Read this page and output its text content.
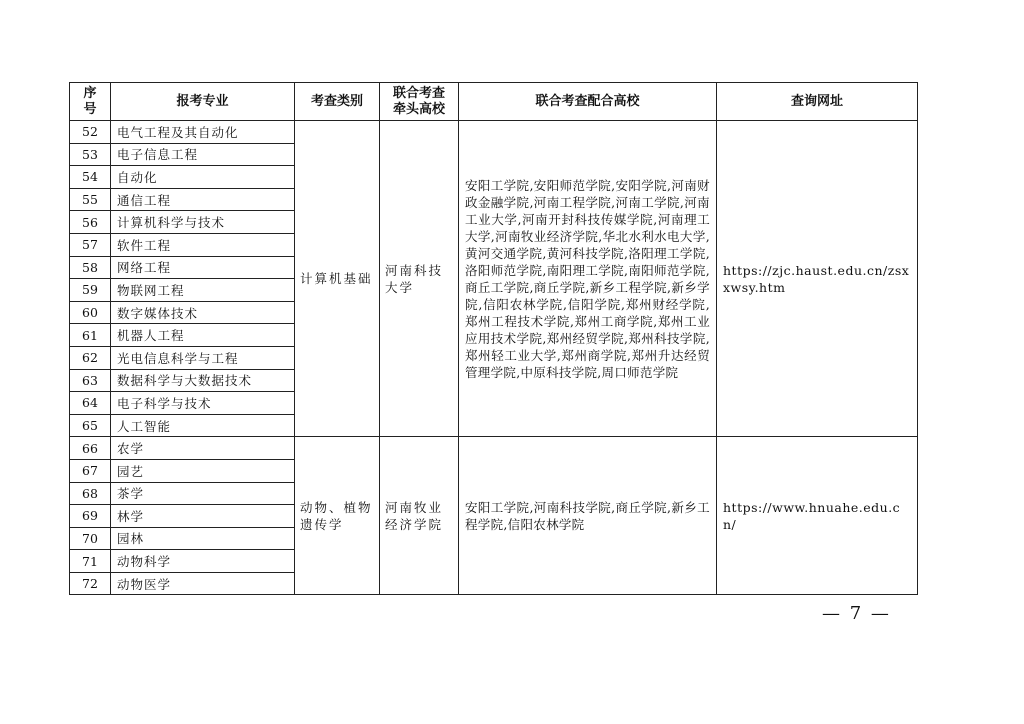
序号	报考专业	考查类别	联合考查牵头高校	联合考查配合高校	查询网址
52	电气工程及其自动化	计算机基础	河南科技大学	安阳工学院,安阳师范学院,安阳学院,河南财政金融学院,河南工程学院,河南工学院,河南工业大学,河南开封科技传媒学院,河南理工大学,河南牧业经济学院,华北水利水电大学,黄河交通学院,黄河科技学院,洛阳理工学院,洛阳师范学院,南阳理工学院,南阳师范学院,商丘工学院,商丘学院,新乡工程学院,新乡学院,信阳农林学院,信阳学院,郑州财经学院,郑州工程技术学院,郑州工商学院,郑州工业应用技术学院,郑州经贸学院,郑州科技学院,郑州轻工业大学,郑州商学院,郑州升达经贸管理学院,中原科技学院,周口师范学院	https://zjc.haust.edu.cn/zsxxwsy.htm
53	电子信息工程				
54	自动化				
55	通信工程				
56	计算机科学与技术				
57	软件工程				
58	网络工程				
59	物联网工程				
60	数字媒体技术				
61	机器人工程				
62	光电信息科学与工程				
63	数据科学与大数据技术				
64	电子科学与技术				
65	人工智能				
66	农学	动物、植物遗传学	河南牧业经济学院	安阳工学院,河南科技学院,商丘学院,新乡工程学院,信阳农林学院	https://www.hnuahe.edu.cn/
67	园艺				
68	茶学				
69	林学				
70	园林				
71	动物科学				
72	动物医学				
— 7 —
